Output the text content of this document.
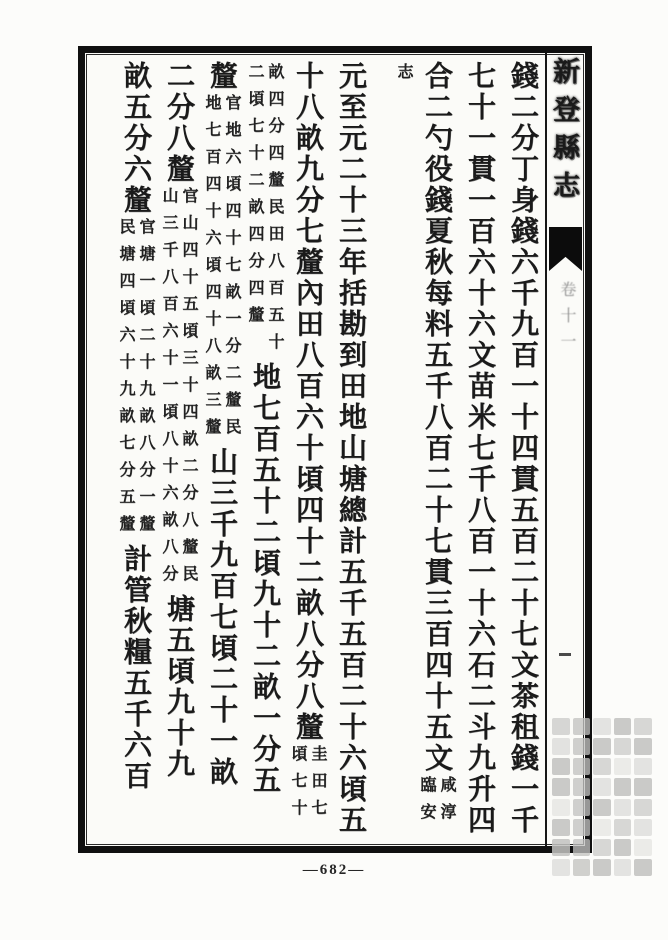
錢二分丁身錢六千九百一十四貫五百二十七文茶租錢一千
七十一貫一百六十六文苗米七千八百一十六石二斗九升四
合二勺役錢夏秋每料五千八百二十七貫三百四十五文
咸淳
臨安
志
元至元二十三年括勘到田地山塘總計五千五百二十六頃五
十八畝九分七釐內田八百六十頃四十二畝八分八釐
圭田七
頃七十
畝四分四釐民田八百五十
二頃七十二畝四分四釐
地七百五十二頃九十二畝一分五
釐
官地六頃四十七畝一分二釐民
地七百四十六頃四十八畝三釐
山三千九百七頃二十一畝
二分八釐
官山四十五頃三十四畝二分八釐民
山三千八百六十一頃八十六畝八分
塘五頃九十九
畝五分六釐
官塘一頃二十九畝八分一釐
民塘四頃六十九畝七分五釐
計管秋糧五千六百
新登縣志
卷十一
—682—
